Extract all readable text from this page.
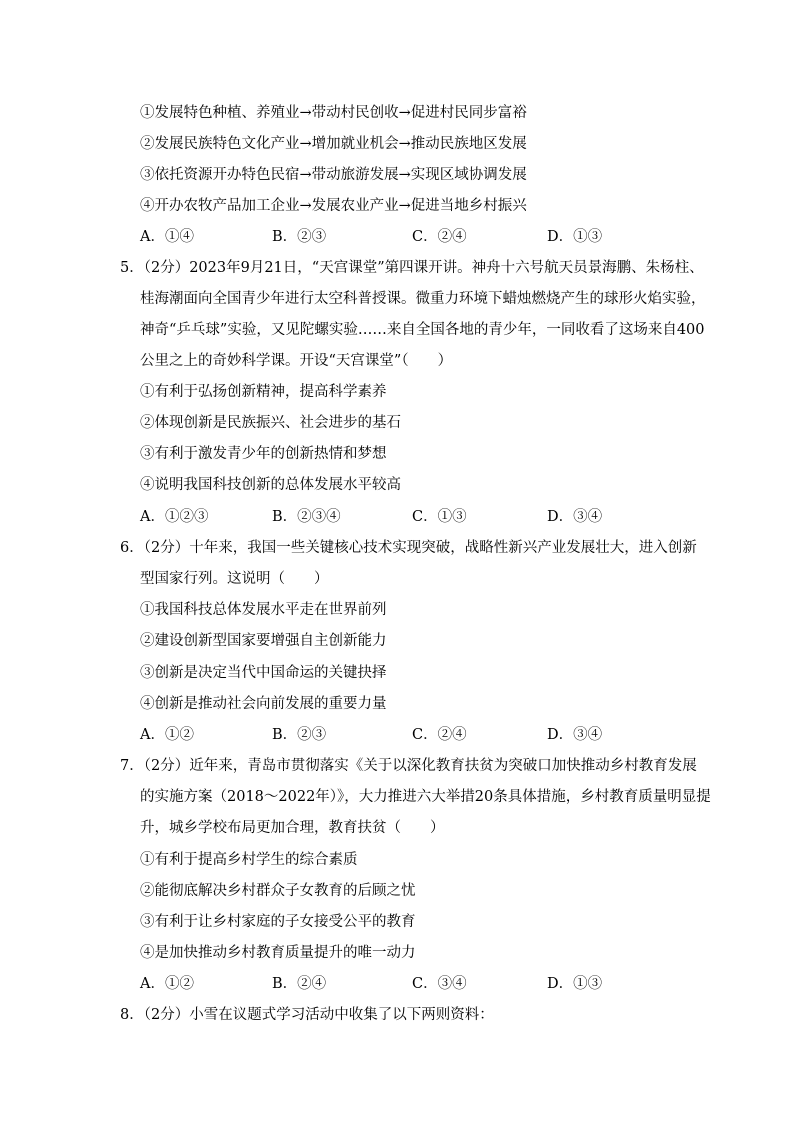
①发展特色种植、养殖业→带动村民创收→促进村民同步富裕
②发展民族特色文化产业→增加就业机会→推动民族地区发展
③依托资源开办特色民宿→带动旅游发展→实现区域协调发展
④开办农牧产品加工企业→发展农业产业→促进当地乡村振兴
A．①④	B．②③	C．②④	D．①③
5．（2分）2023年9月21日，“天宫课堂”第四课开讲。神舟十六号航天员景海鹏、朱杨柱、
桂海潮面向全国青少年进行太空科普授课。微重力环境下蜡烛燃烧产生的球形火焰实验，
神奇“乒乓球”实验，又见陀螺实验……来自全国各地的青少年，一同收看了这场来自400
公里之上的奇妙科学课。开设“天宫课堂”（　　）
①有利于弘扬创新精神，提高科学素养
②体现创新是民族振兴、社会进步的基石
③有利于激发青少年的创新热情和梦想
④说明我国科技创新的总体发展水平较高
A．①②③	B．②③④	C．①③	D．③④
6．（2分）十年来，我国一些关键核心技术实现突破，战略性新兴产业发展壮大，进入创新
型国家行列。这说明（　　）
①我国科技总体发展水平走在世界前列
②建设创新型国家要增强自主创新能力
③创新是决定当代中国命运的关键抉择
④创新是推动社会向前发展的重要力量
A．①②	B．②③	C．②④	D．③④
7．（2分）近年来，青岛市贯彻落实《关于以深化教育扶贫为突破口加快推动乡村教育发展
的实施方案（2018～2022年）》，大力推进六大举措20条具体措施，乡村教育质量明显提
升，城乡学校布局更加合理，教育扶贫（　　）
①有利于提高乡村学生的综合素质
②能彻底解决乡村群众子女教育的后顾之忧
③有利于让乡村家庭的子女接受公平的教育
④是加快推动乡村教育质量提升的唯一动力
A．①②	B．②④	C．③④	D．①③
8．（2分）小雪在议题式学习活动中收集了以下两则资料：
